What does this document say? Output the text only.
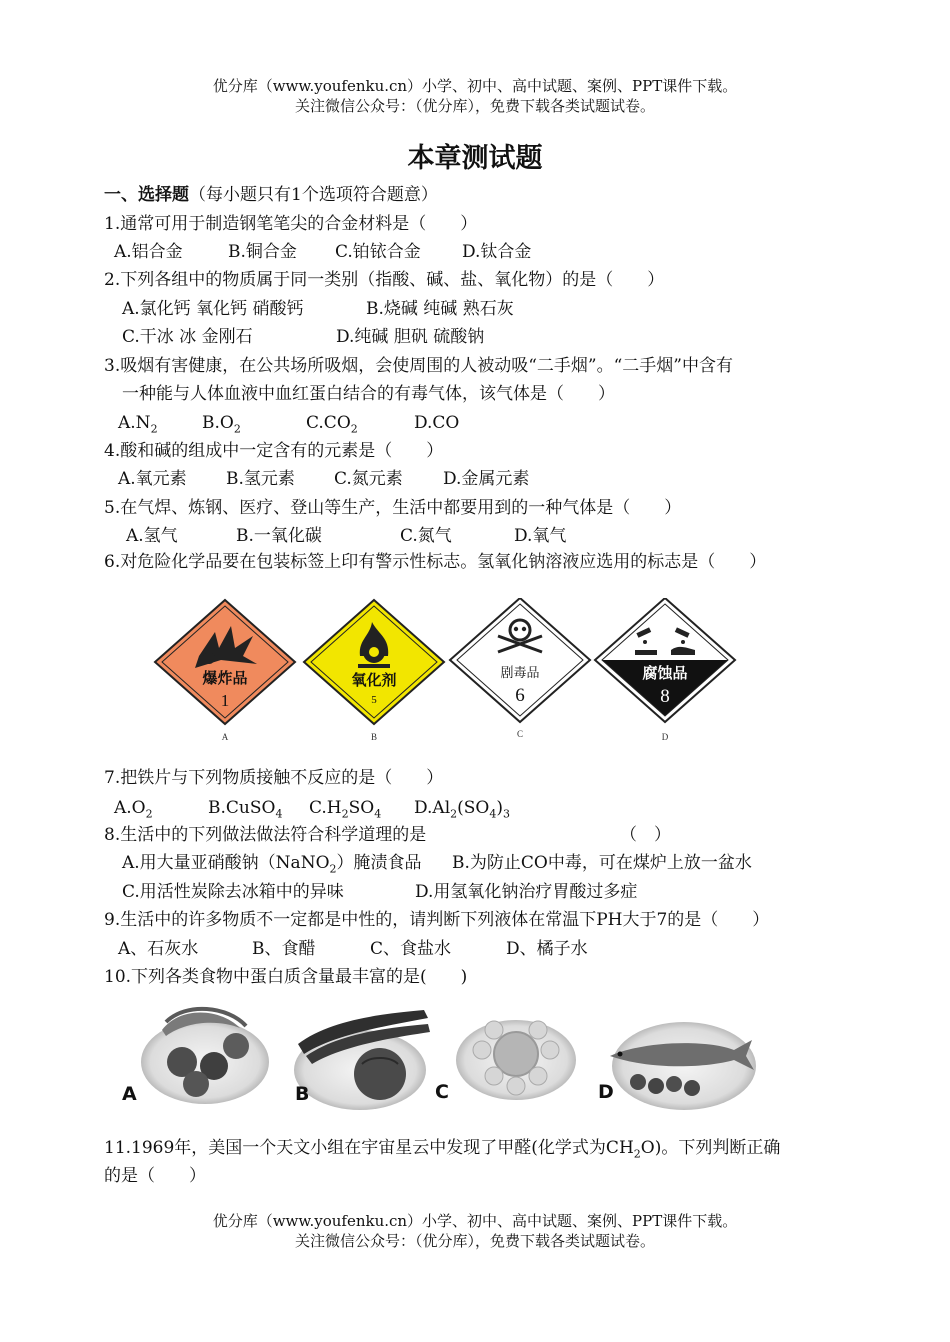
优分库（www.youfenku.cn）小学、初中、高中试题、案例、PPT课件下载。
关注微信公众号：（优分库），免费下载各类试题试卷。
本章测试题
一、选择题（每小题只有1个选项符合题意）
1.通常可用于制造钢笔笔尖的合金材料是（　　）
A.铝合金	B.铜合金 C.铂铱合金 D.钛合金
2.下列各组中的物质属于同一类别（指酸、碱、盐、氧化物）的是（　　）
A.氯化钙 氧化钙 硝酸钙	B.烧碱 纯碱 熟石灰
C.干冰 冰 金刚石	D.纯碱 胆矾 硫酸钠
3.吸烟有害健康，在公共场所吸烟，会使周围的人被动吸“二手烟”。“二手烟”中含有
一种能与人体血液中血红蛋白结合的有毒气体，该气体是（　　）
$A.N_2$	$B.O_2$	$C.CO_2$	D.CO
4.酸和碱的组成中一定含有的元素是（　　）
A.氧元素 B.氢元素 C.氮元素 D.金属元素
5.在气焊、炼钢、医疗、登山等生产，生活中都要用到的一种气体是（　　）
A.氢气	B.一氧化碳	C.氮气	D.氧气
6.对危险化学品要在包装标签上印有警示性标志。氢氧化钠溶液应选用的标志是（　　）
爆炸品
1
A
氧化剂
5
B
剧毒品
6
C
腐蚀品
8
D
7.把铁片与下列物质接触不反应的是（　　）
$A.O_2$	B.CuSO$_4$ $C.H_2SO_4$ $D.Al_2(SO_4)_3$
8.生活中的下列做法做法符合科学道理的是	（　）
A.用大量亚硝酸钠（NaNO$_2$）腌渍食品 B.为防止CO中毒，可在煤炉上放一盆水
C.用活性炭除去冰箱中的异味	D.用氢氧化钠治疗胃酸过多症
9.生活中的许多物质不一定都是中性的，请判断下列液体在常温下PH大于7的是（　　）
A、石灰水	B、食醋	C、食盐水	D、橘子水
10.下列各类食物中蛋白质含量最丰富的是(　　)
A	B	C	D
11.1969年，美国一个天文小组在宇宙星云中发现了甲醛(化学式为$CH_2O$)。下列判断正确
的是（　　）
优分库（www.youfenku.cn）小学、初中、高中试题、案例、PPT课件下载。
关注微信公众号：（优分库），免费下载各类试题试卷。
